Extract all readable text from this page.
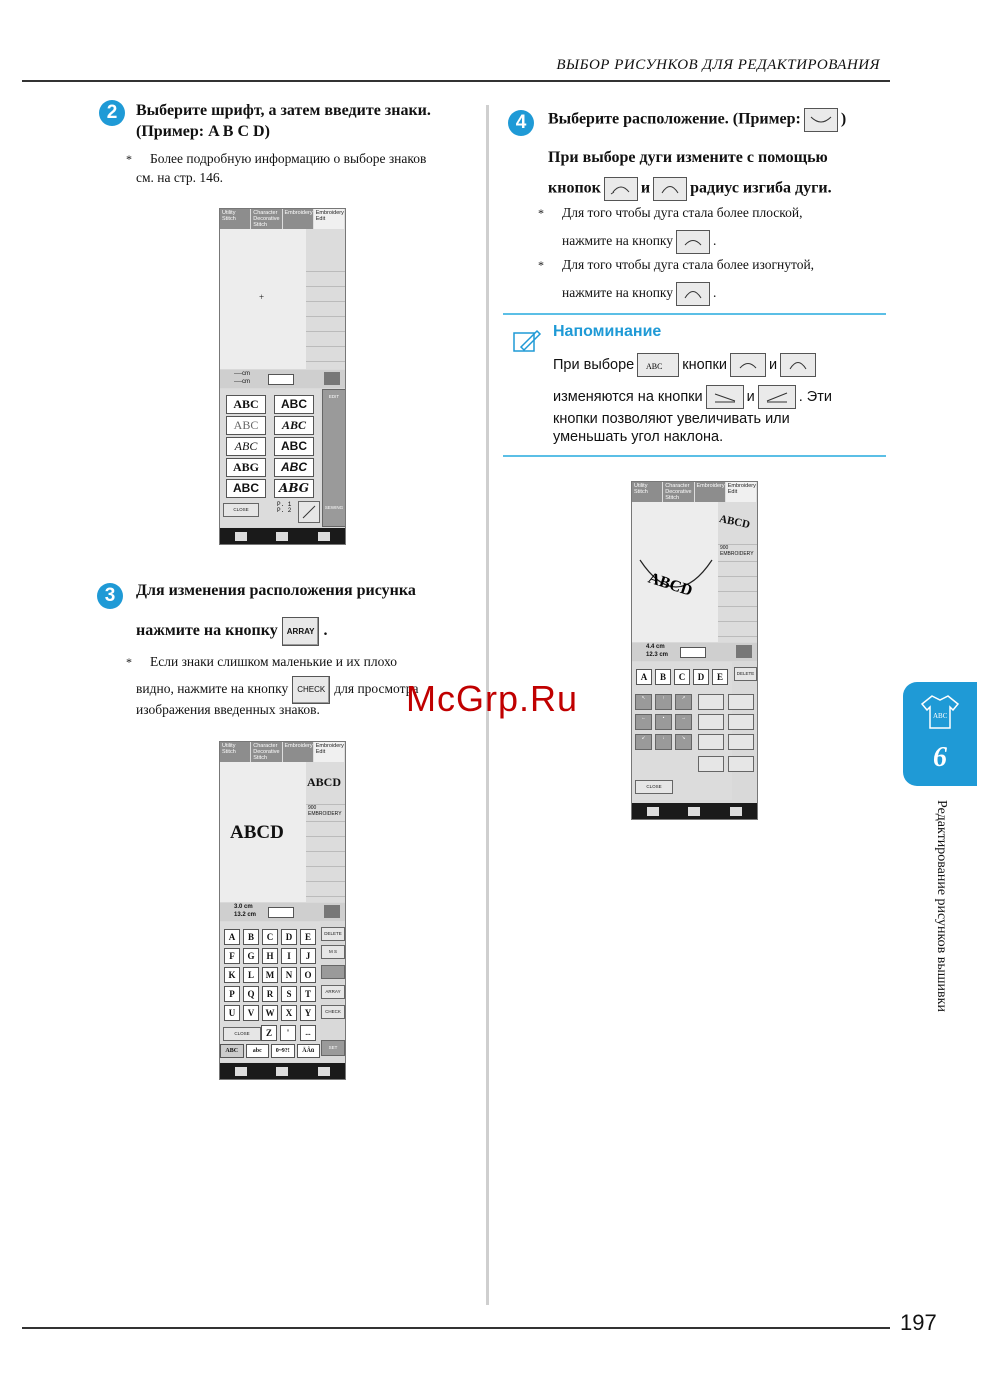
ВЫБОР РИСУНКОВ ДЛЯ РЕДАКТИРОВАНИЯ
2	Выберите шрифт, а затем введите знаки.
(Пример: A B C D)
* Более подробную информацию о выборе знаков
см. на стр. 146.
Utility Stitch
Character Decorative Stitch
Embroidery Embroidery Edit
+
----cm
----cm
ABC	ABC
ABC	ABC
ABC	ABC
ABG	ABC
ABC	ABG
CLOSE
P. 1
P. 2
EDIT
SEWING
3	Для изменения расположения рисунка
нажмите на кнопку ARRAY .
* Если знаки слишком маленькие и их плохо
видно, нажмите на кнопку CHECK для просмотра
изображения введенных знаков.
Utility Stitch
Character Decorative Stitch
Embroidery Embroidery Edit
ABCD
ABCD
900
EMBROIDERY
3.0 cm
13.2 cm
DELETE
M S
ARRAY
CHECK
SET
CLOSE	Z	'	...
ABC	abc	0~9?!	ÄÂü
A	B	C	D	E
F	G	H	I	J
K	L	M	N	O
P	Q	R	S	T
U	V	W	X	Y
4	Выберите расположение. (Пример:	)
При выборе дуги измените с помощью
кнопок	и	радиус изгиба дуги.
* Для того чтобы дуга стала более плоской,
нажмите на кнопку	.
* Для того чтобы дуга стала более изогнутой,
нажмите на кнопку	.
Напоминание
При выборе ABC кнопки	и
изменяются на кнопки	и	. Эти
кнопки позволяют увеличивать или
уменьшать угол наклона.
Utility Stitch
Character Decorative Stitch
Embroidery Embroidery Edit
ABCD
ABCD
900
EMBROIDERY
4.4 cm
12.3 cm
A	B	C	D	E	DELETE
↖	↑	↗
←	•	→
↙	↓	↘
CLOSE
ABC
6
Редактирование рисунков вышивки
McGrp.Ru
197
